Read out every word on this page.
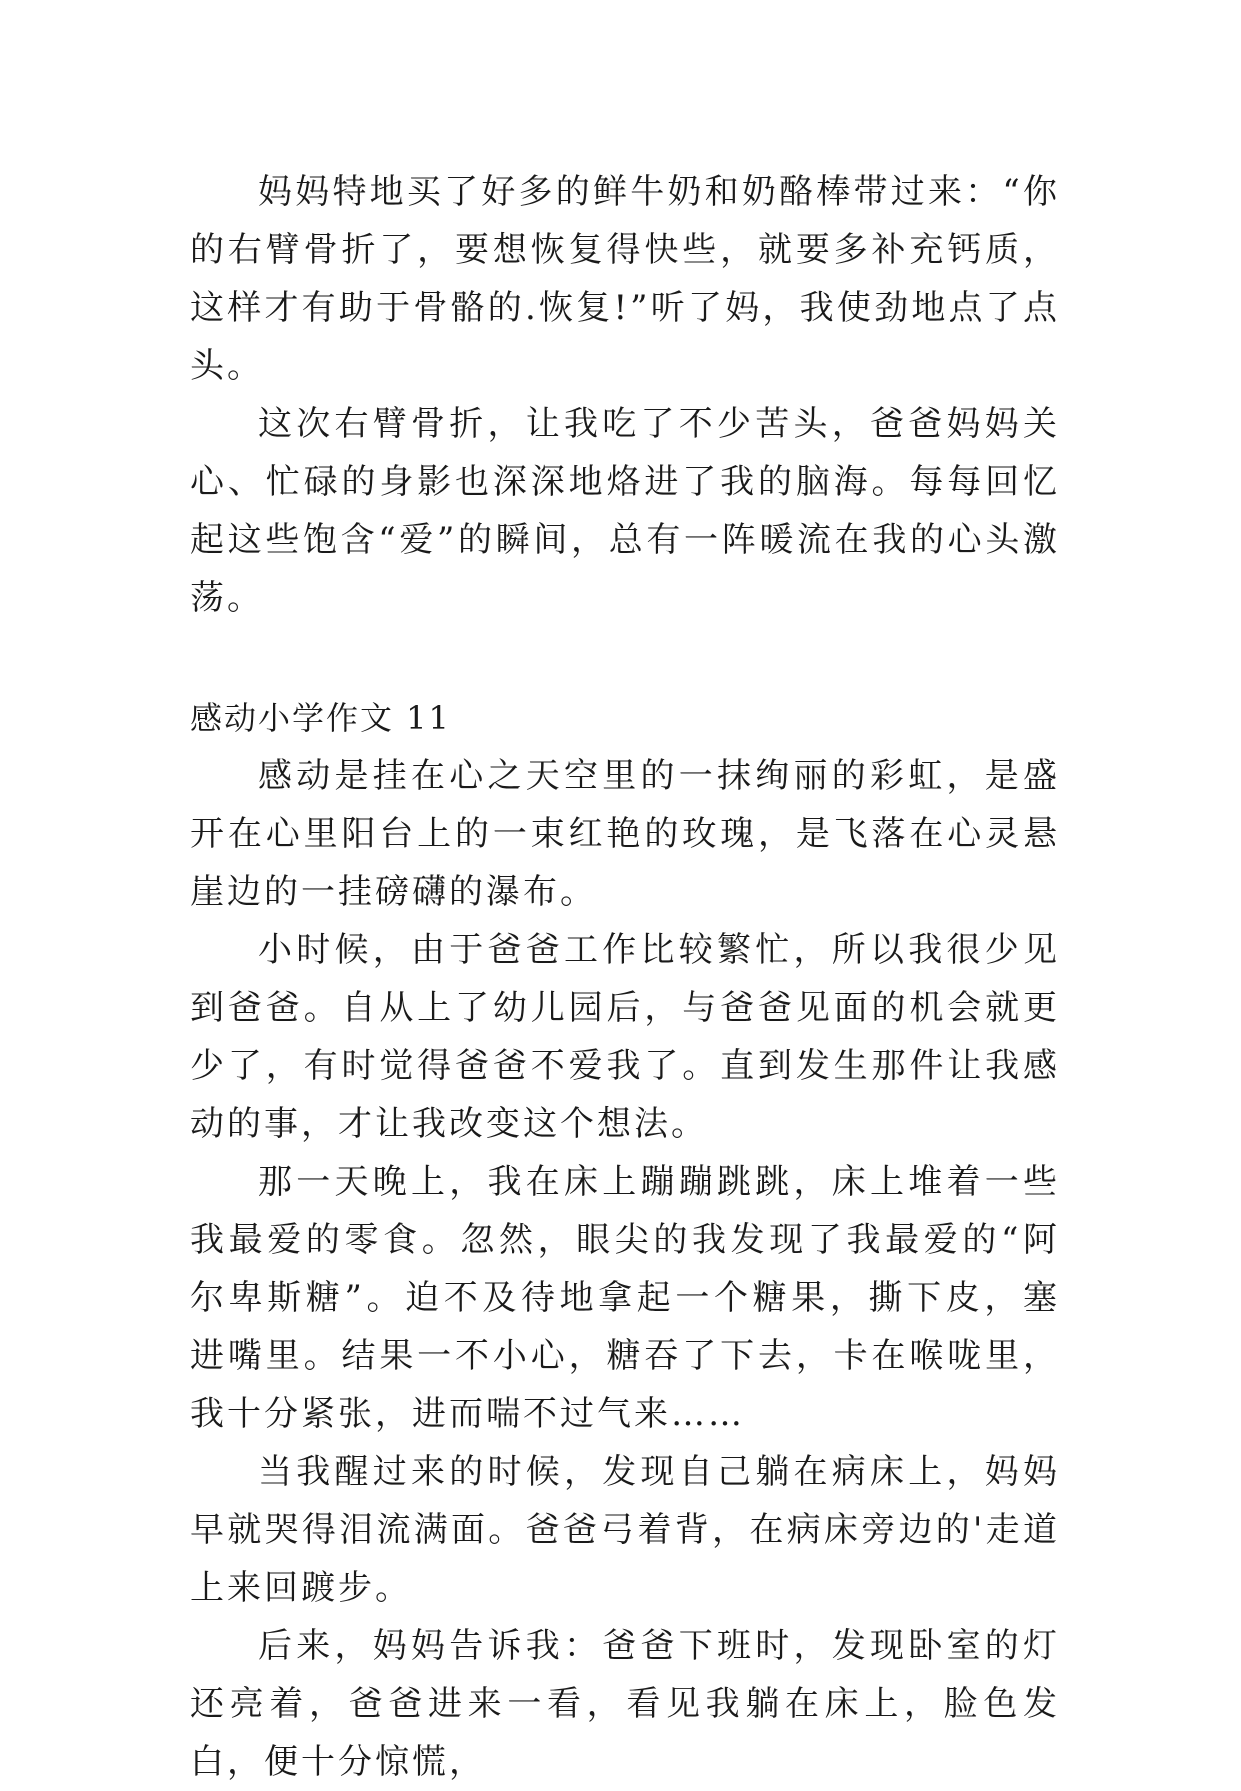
妈妈特地买了好多的鲜牛奶和奶酪棒带过来：“你的右臂骨折了，要想恢复得快些，就要多补充钙质，这样才有助于骨骼的.恢复!”听了妈，我使劲地点了点头。

这次右臂骨折，让我吃了不少苦头，爸爸妈妈关心、忙碌的身影也深深地烙进了我的脑海。每每回忆起这些饱含“爱”的瞬间，总有一阵暖流在我的心头激荡。

感动小学作文 11

感动是挂在心之天空里的一抹绚丽的彩虹，是盛开在心里阳台上的一束红艳的玫瑰，是飞落在心灵悬崖边的一挂磅礴的瀑布。

小时候，由于爸爸工作比较繁忙，所以我很少见到爸爸。自从上了幼儿园后，与爸爸见面的机会就更少了，有时觉得爸爸不爱我了。直到发生那件让我感动的事，才让我改变这个想法。

那一天晚上，我在床上蹦蹦跳跳，床上堆着一些我最爱的零食。忽然，眼尖的我发现了我最爱的“阿尔卑斯糖”。迫不及待地拿起一个糖果，撕下皮，塞进嘴里。结果一不小心，糖吞了下去，卡在喉咙里，我十分紧张，进而喘不过气来……

当我醒过来的时候，发现自己躺在病床上，妈妈早就哭得泪流满面。爸爸弓着背，在病床旁边的'走道上来回踱步。

后来，妈妈告诉我：爸爸下班时，发现卧室的灯还亮着，爸爸进来一看，看见我躺在床上，脸色发白，便十分惊慌，
